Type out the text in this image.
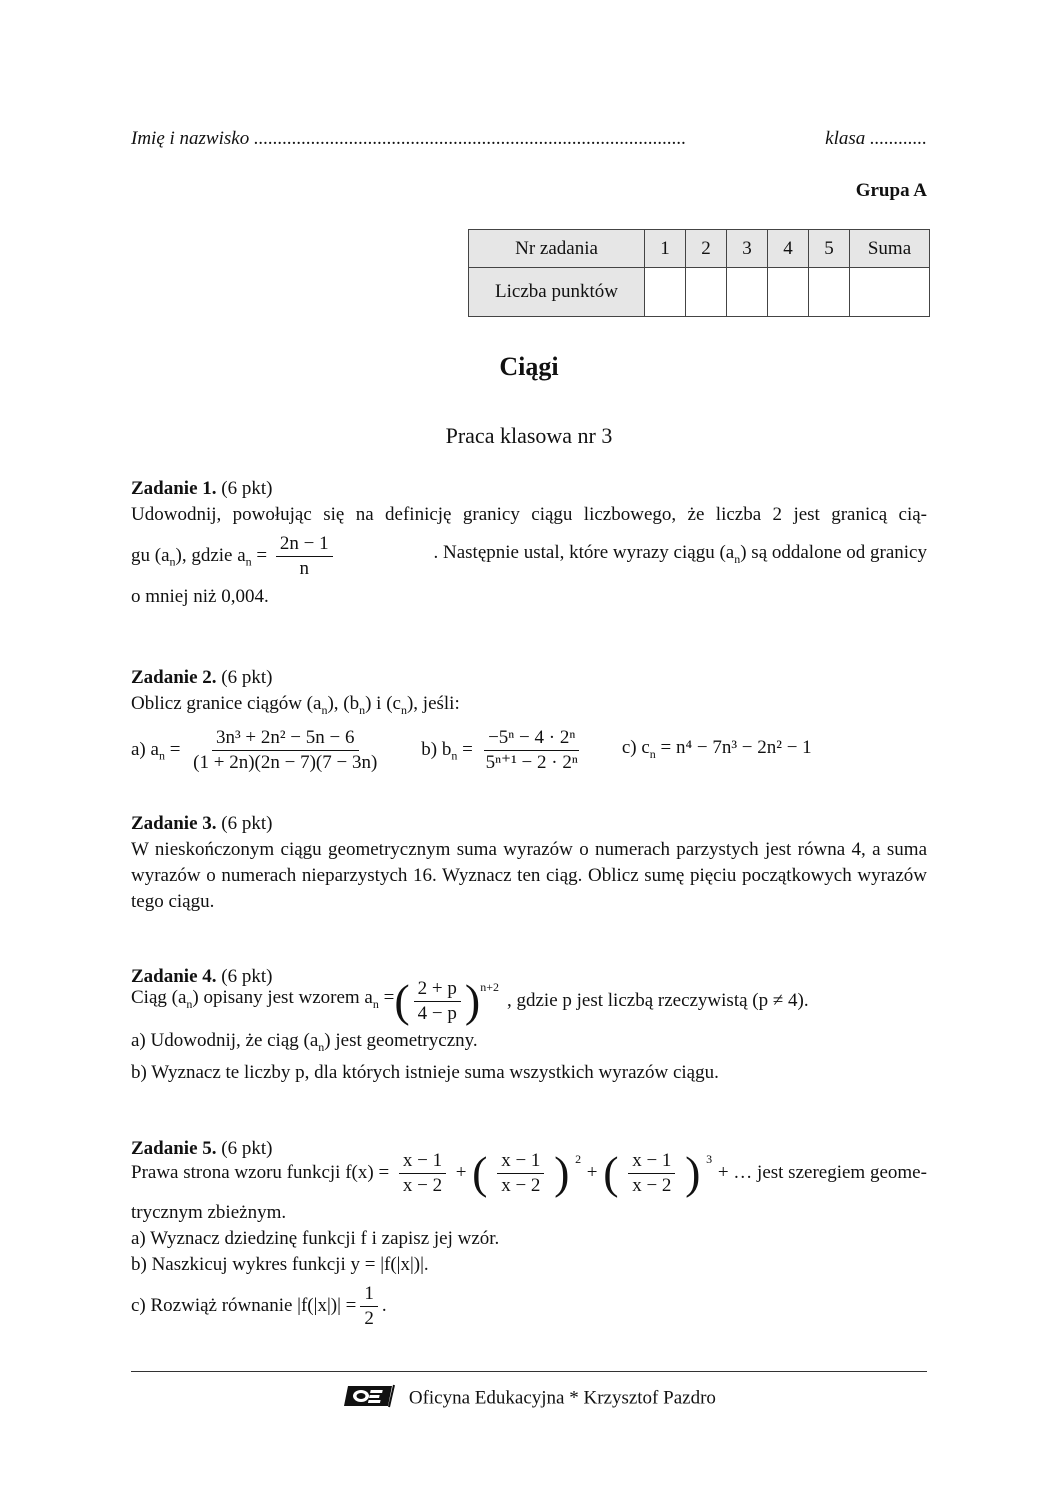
Imię i nazwisko ...........................................................................................	klasa ............
Grupa A
Nr zadania	1	2	3	4	5	Suma
Liczba punktów						
Ciągi
Praca klasowa nr 3
Zadanie 1. (6 pkt)
Udowodnij, powołując się na definicję granicy ciągu liczbowego, że liczba 2 jest granicą cią-
gu $(a_n)$, gdzie $a_n = \frac{2n - 1}{n}$	. Następnie ustal, które wyrazy ciągu $(a_n)$ są oddalone od granicy
o mniej niż 0,004.
Zadanie 2. (6 pkt)
Oblicz granice ciągów $(a_n)$, $(b_n)$ i $(c_n)$, jeśli:
a) $a_n = \frac{\text{3n³ + 2n² − 5n − 6}}{(1 + 2n)(2n - 7)(7 - 3n)} b$) $b_n = \frac{\text{−5ⁿ − 4 · 2ⁿ}}{\text{5ⁿ⁺¹ − 2 · 2ⁿ}} c$) $c_n = n^4 - 7n^3 - 2n^2 - 1$
Zadanie 3. (6 pkt)
W nieskończonym ciągu geometrycznym suma wyrazów o numerach parzystych jest równa 4, a suma wyrazów o numerach nieparzystych 16. Wyznacz ten ciąg. Oblicz sumę pięciu początkowych wyrazów tego ciągu.
Zadanie 4. (6 pkt)
Ciąg $(a_n)$ opisany jest wzorem $a_n$ = ( $\frac{2 + p}{4 - p} )^{n+2}$
, gdzie p jest liczbą rzeczywistą (p ≠ 4).
a) Udowodnij, że ciąg $(a_n)$ jest geometryczny.
b) Wyznacz te liczby p, dla których istnieje suma wszystkich wyrazów ciągu.
Zadanie 5. (6 pkt)
Prawa strona wzoru funkcji $f(x) = \frac{x - 1}{x - 2}$ + ( $\frac{x - 1}{x - 2}$ ) $^2$
+ ( $\frac{x - 1}{x - 2}$ ) $^3$
+ … jest szeregiem geome-
trycznym zbieżnym.
a) Wyznacz dziedzinę funkcji f i zapisz jej wzór.
b) Naszkicuj wykres funkcji y = |f(|x|)|.
c) Rozwiąż równanie $|f(|x|)| = \frac{1}{2}$ .
Oficyna Edukacyjna * Krzysztof Pazdro
